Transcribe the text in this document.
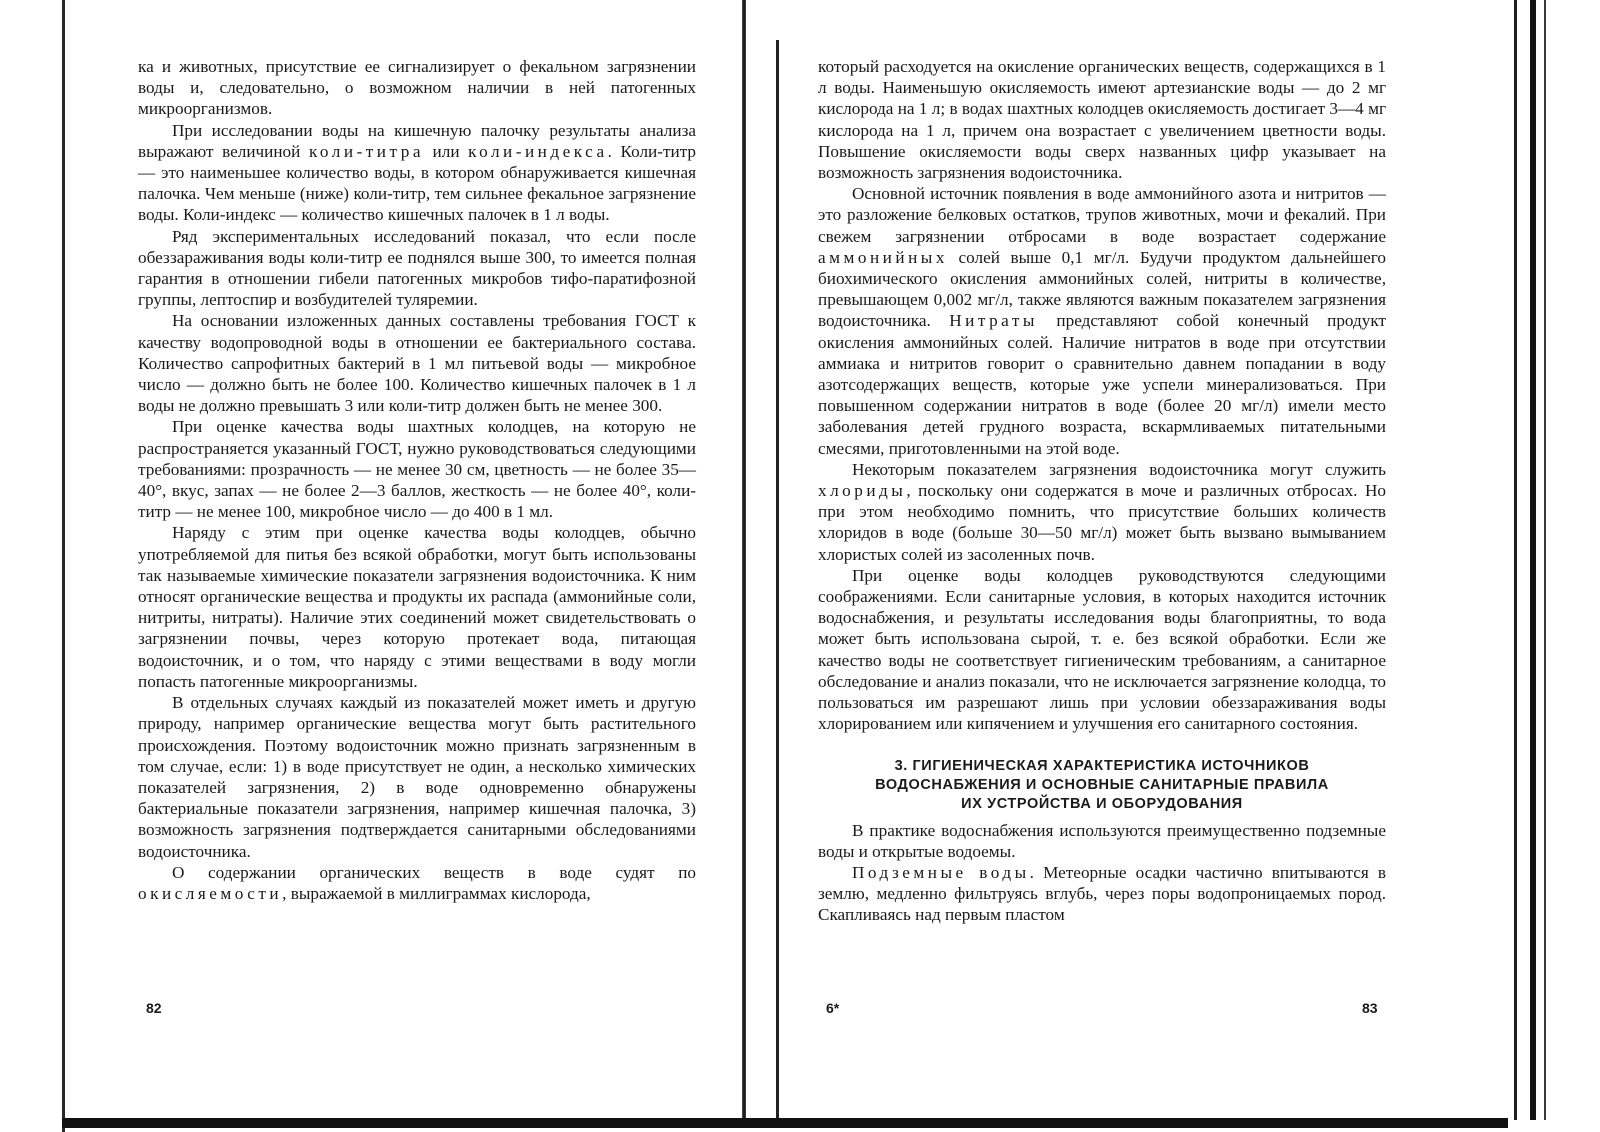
ка и животных, присутствие ее сигнализирует о фекальном загрязнении воды и, следовательно, о возможном наличии в ней патогенных микроорганизмов.

При исследовании воды на кишечную палочку результаты анализа выражают величиной коли-титра или коли-индекса. Коли-титр — это наименьшее количество воды, в котором обнаруживается кишечная палочка. Чем меньше (ниже) коли-титр, тем сильнее фекальное загрязнение воды. Коли-индекс — количество кишечных палочек в 1 л воды.

Ряд экспериментальных исследований показал, что если после обеззараживания воды коли-титр ее поднялся выше 300, то имеется полная гарантия в отношении гибели патогенных микробов тифо-паратифозной группы, лептоспир и возбудителей туляремии.

На основании изложенных данных составлены требования ГОСТ к качеству водопроводной воды в отношении ее бактериального состава. Количество сапрофитных бактерий в 1 мл питьевой воды — микробное число — должно быть не более 100. Количество кишечных палочек в 1 л воды не должно превышать 3 или коли-титр должен быть не менее 300.

При оценке качества воды шахтных колодцев, на которую не распространяется указанный ГОСТ, нужно руководствоваться следующими требованиями: прозрачность — не менее 30 см, цветность — не более 35—40°, вкус, запах — не более 2—3 баллов, жесткость — не более 40°, коли-титр — не менее 100, микробное число — до 400 в 1 мл.

Наряду с этим при оценке качества воды колодцев, обычно употребляемой для питья без всякой обработки, могут быть использованы так называемые химические показатели загрязнения водоисточника. К ним относят органические вещества и продукты их распада (аммонийные соли, нитриты, нитраты). Наличие этих соединений может свидетельствовать о загрязнении почвы, через которую протекает вода, питающая водоисточник, и о том, что наряду с этими веществами в воду могли попасть патогенные микроорганизмы.

В отдельных случаях каждый из показателей может иметь и другую природу, например органические вещества могут быть растительного происхождения. Поэтому водоисточник можно признать загрязненным в том случае, если: 1) в воде присутствует не один, а несколько химических показателей загрязнения, 2) в воде одновременно обнаружены бактериальные показатели загрязнения, например кишечная палочка, 3) возможность загрязнения подтверждается санитарными обследованиями водоисточника.

О содержании органических веществ в воде судят по окисляемости, выражаемой в миллиграммах кислорода,

82

который расходуется на окисление органических веществ, содержащихся в 1 л воды. Наименьшую окисляемость имеют артезианские воды — до 2 мг кислорода на 1 л; в водах шахтных колодцев окисляемость достигает 3—4 мг кислорода на 1 л, причем она возрастает с увеличением цветности воды. Повышение окисляемости воды сверх названных цифр указывает на возможность загрязнения водоисточника.

Основной источник появления в воде аммонийного азота и нитритов — это разложение белковых остатков, трупов животных, мочи и фекалий. При свежем загрязнении отбросами в воде возрастает содержание аммонийных солей выше 0,1 мг/л. Будучи продуктом дальнейшего биохимического окисления аммонийных солей, нитриты в количестве, превышающем 0,002 мг/л, также являются важным показателем загрязнения водоисточника. Нитраты представляют собой конечный продукт окисления аммонийных солей. Наличие нитратов в воде при отсутствии аммиака и нитритов говорит о сравнительно давнем попадании в воду азотсодержащих веществ, которые уже успели минерализоваться. При повышенном содержании нитратов в воде (более 20 мг/л) имели место заболевания детей грудного возраста, вскармливаемых питательными смесями, приготовленными на этой воде.

Некоторым показателем загрязнения водоисточника могут служить хлориды, поскольку они содержатся в моче и различных отбросах. Но при этом необходимо помнить, что присутствие больших количеств хлоридов в воде (больше 30—50 мг/л) может быть вызвано вымыванием хлористых солей из засоленных почв.

При оценке воды колодцев руководствуются следующими соображениями. Если санитарные условия, в которых находится источник водоснабжения, и результаты исследования воды благоприятны, то вода может быть использована сырой, т. е. без всякой обработки. Если же качество воды не соответствует гигиеническим требованиям, а санитарное обследование и анализ показали, что не исключается загрязнение колодца, то пользоваться им разрешают лишь при условии обеззараживания воды хлорированием или кипячением и улучшения его санитарного состояния.

3. ГИГИЕНИЧЕСКАЯ ХАРАКТЕРИСТИКА ИСТОЧНИКОВ
ВОДОСНАБЖЕНИЯ И ОСНОВНЫЕ САНИТАРНЫЕ ПРАВИЛА
ИХ УСТРОЙСТВА И ОБОРУДОВАНИЯ

В практике водоснабжения используются преимущественно подземные воды и открытые водоемы.

Подземные воды. Метеорные осадки частично впитываются в землю, медленно фильтруясь вглубь, через поры водопроницаемых пород. Скапливаясь над первым пластом

6*	83
